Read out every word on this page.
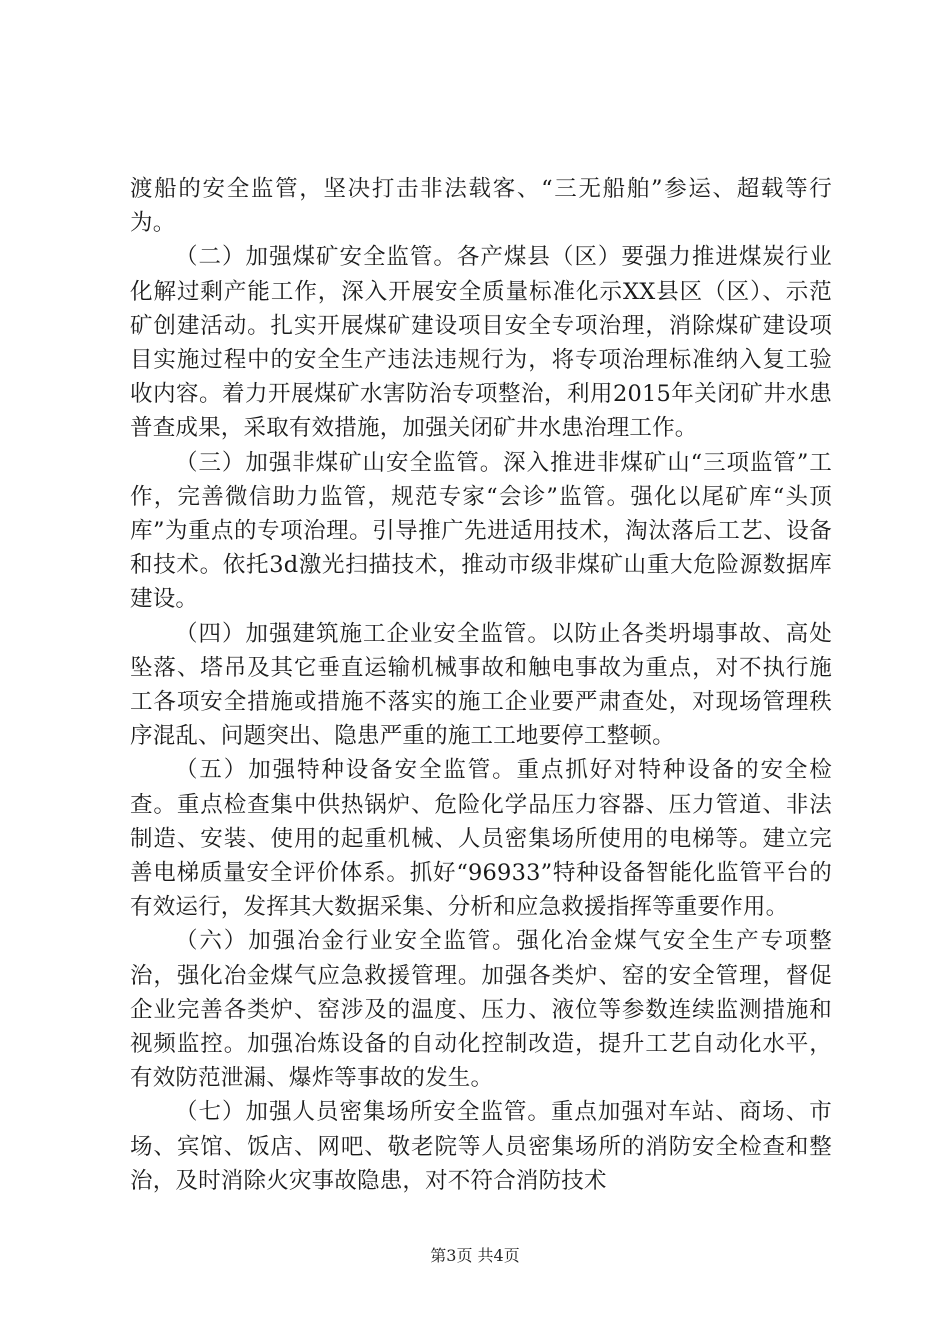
渡船的安全监管，坚决打击非法载客、“三无船舶”参运、超载等行为。

（二）加强煤矿安全监管。各产煤县（区）要强力推进煤炭行业化解过剩产能工作，深入开展安全质量标准化示XX县区（区）、示范矿创建活动。扎实开展煤矿建设项目安全专项治理，消除煤矿建设项目实施过程中的安全生产违法违规行为，将专项治理标准纳入复工验收内容。着力开展煤矿水害防治专项整治，利用2015年关闭矿井水患普查成果，采取有效措施，加强关闭矿井水患治理工作。

（三）加强非煤矿山安全监管。深入推进非煤矿山“三项监管”工作，完善微信助力监管，规范专家“会诊”监管。强化以尾矿库“头顶库”为重点的专项治理。引导推广先进适用技术，淘汰落后工艺、设备和技术。依托3d激光扫描技术，推动市级非煤矿山重大危险源数据库建设。

（四）加强建筑施工企业安全监管。以防止各类坍塌事故、高处坠落、塔吊及其它垂直运输机械事故和触电事故为重点，对不执行施工各项安全措施或措施不落实的施工企业要严肃查处，对现场管理秩序混乱、问题突出、隐患严重的施工工地要停工整顿。

（五）加强特种设备安全监管。重点抓好对特种设备的安全检查。重点检查集中供热锅炉、危险化学品压力容器、压力管道、非法制造、安装、使用的起重机械、人员密集场所使用的电梯等。建立完善电梯质量安全评价体系。抓好“96933”特种设备智能化监管平台的有效运行，发挥其大数据采集、分析和应急救援指挥等重要作用。

（六）加强冶金行业安全监管。强化冶金煤气安全生产专项整治，强化冶金煤气应急救援管理。加强各类炉、窑的安全管理，督促企业完善各类炉、窑涉及的温度、压力、液位等参数连续监测措施和视频监控。加强冶炼设备的自动化控制改造，提升工艺自动化水平，有效防范泄漏、爆炸等事故的发生。

（七）加强人员密集场所安全监管。重点加强对车站、商场、市场、宾馆、饭店、网吧、敬老院等人员密集场所的消防安全检查和整治，及时消除火灾事故隐患，对不符合消防技术

第3页 共4页
